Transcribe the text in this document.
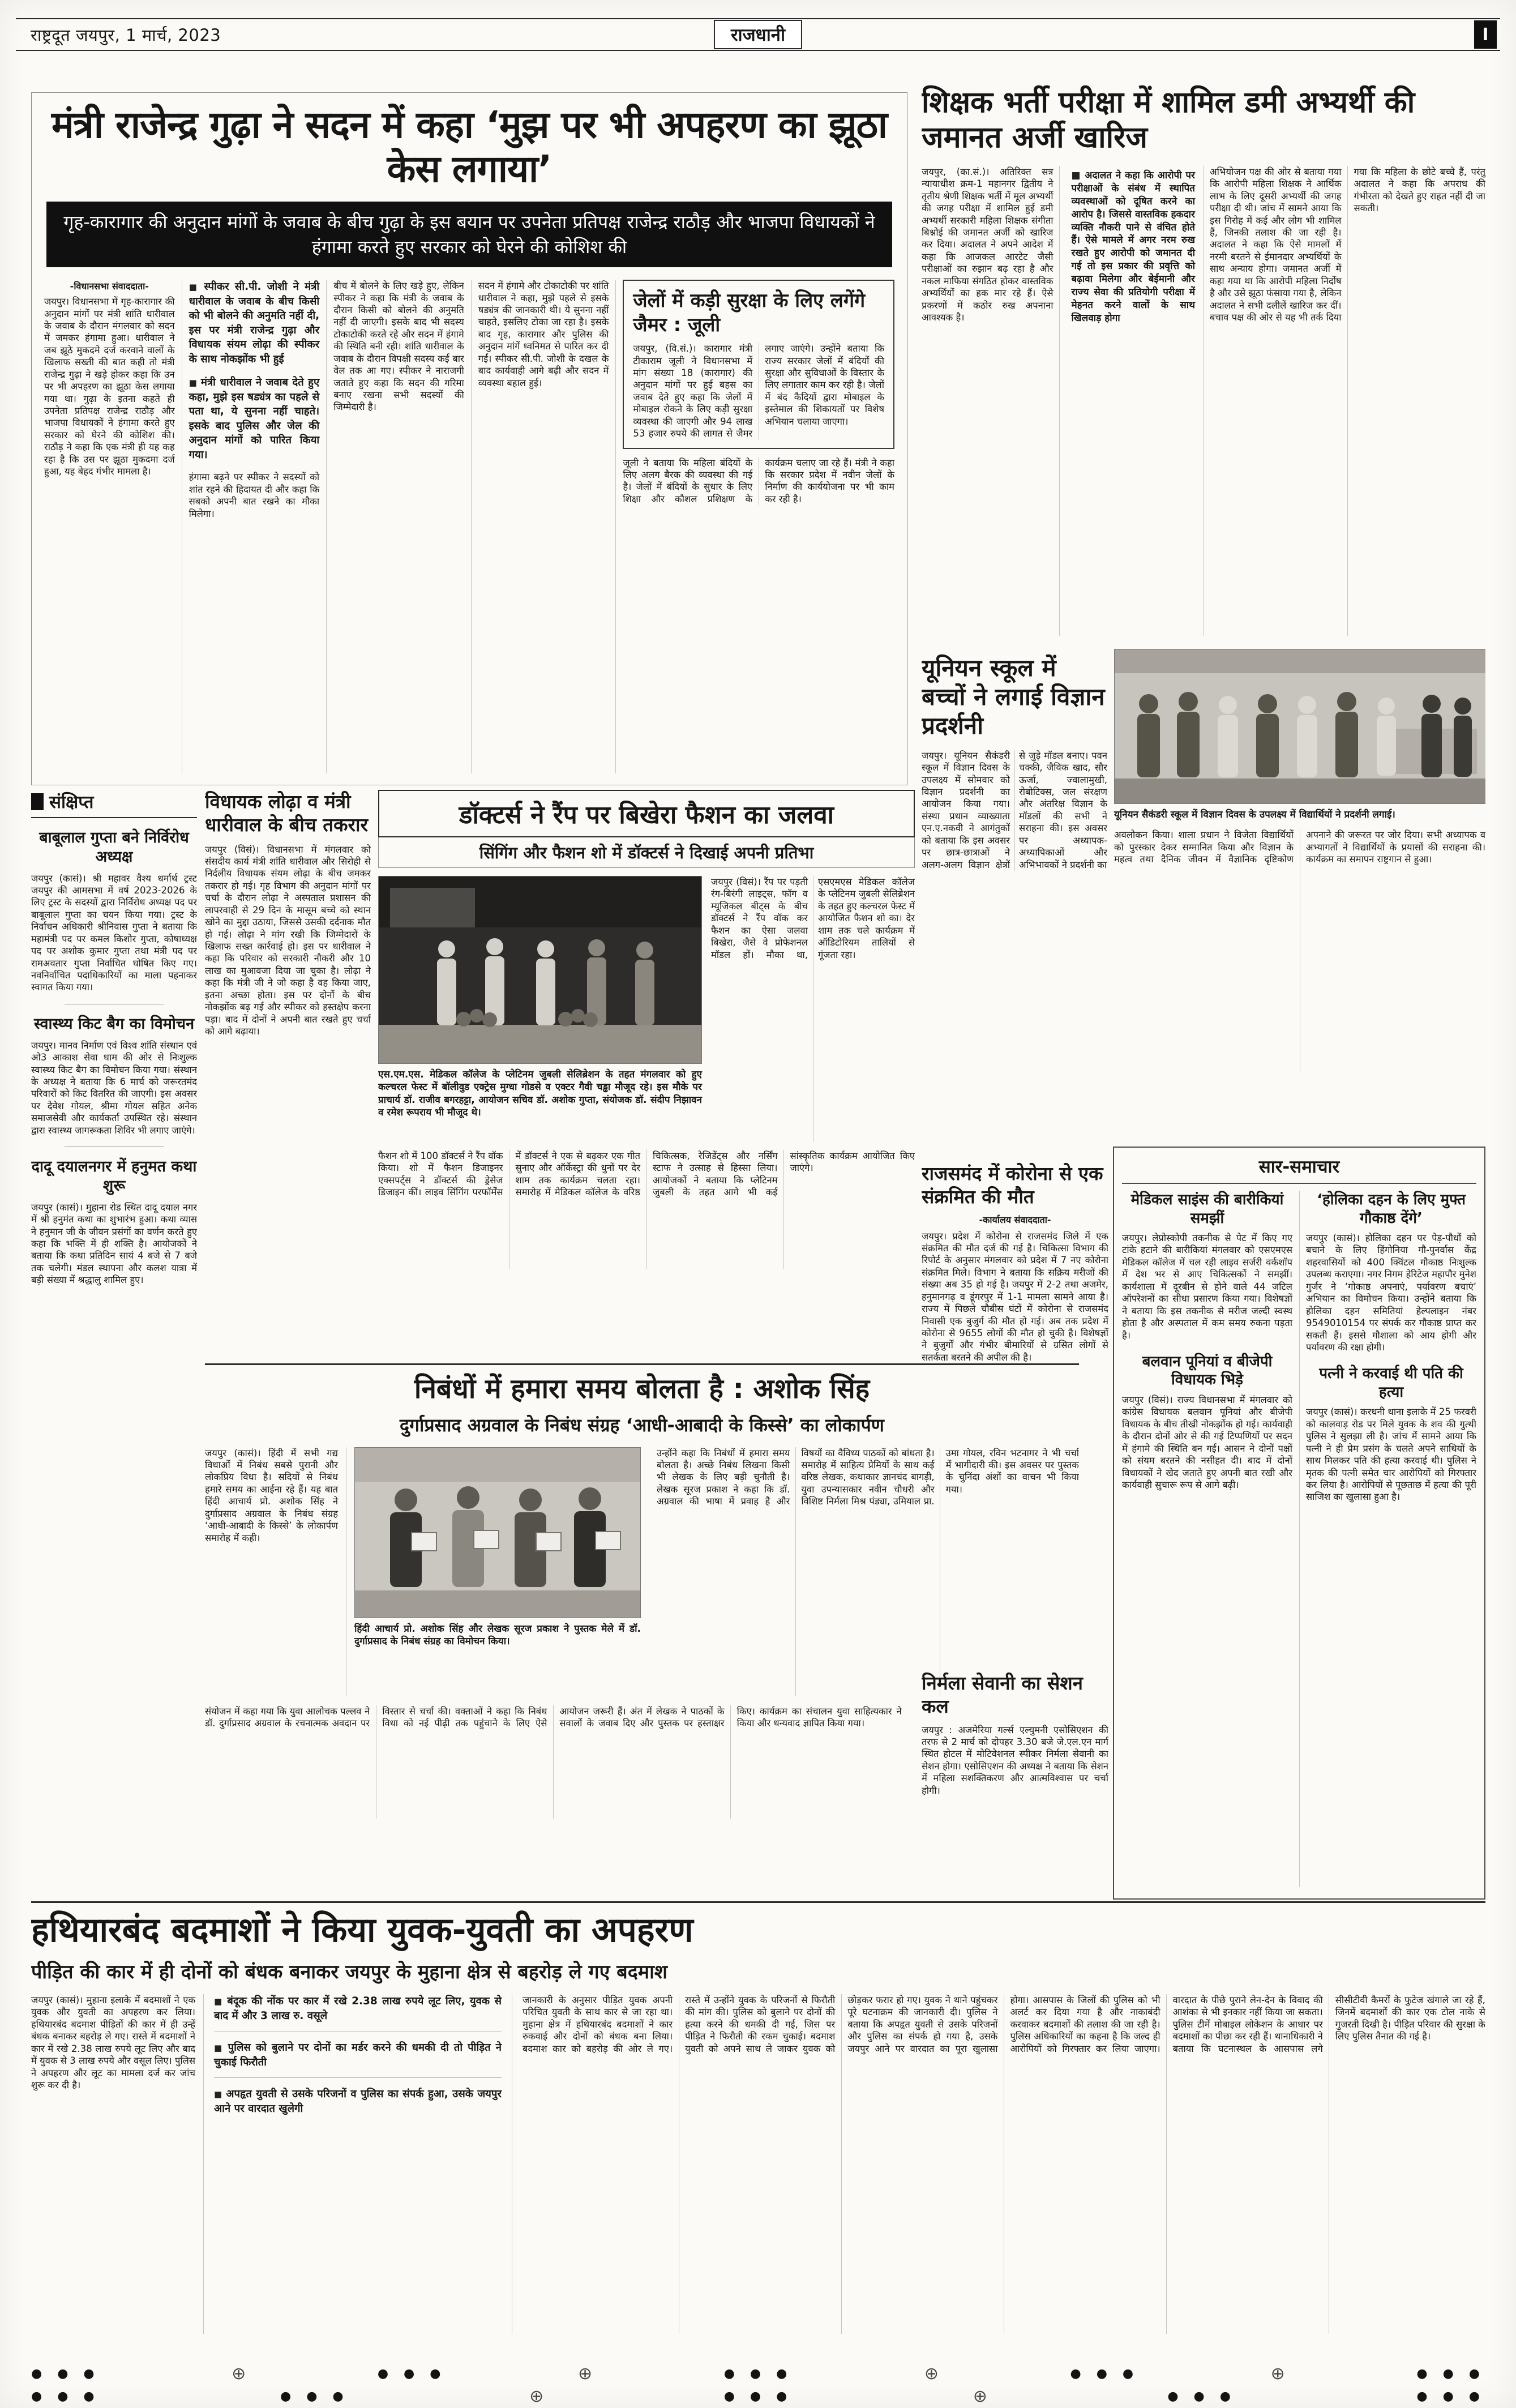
राष्ट्रदूत जयपुर, 1 मार्च, 2023	राजधानी	I
मंत्री राजेन्द्र गुढ़ा ने सदन में कहा ‘मुझ पर भी अपहरण का झूठा केस लगाया’
गृह-कारागार की अनुदान मांगों के जवाब के बीच गुढ़ा के इस बयान पर उपनेता प्रतिपक्ष राजेन्द्र राठौड़ और भाजपा विधायकों ने हंगामा करते हुए सरकार को घेरने की कोशिश की
-विधानसभा संवाददाता-
जयपुर। विधानसभा में गृह-कारागार की अनुदान मांगों पर मंत्री शांति धारीवाल के जवाब के दौरान मंगलवार को सदन में जमकर हंगामा हुआ। धारीवाल ने जब झूठे मुकदमे दर्ज करवाने वालों के खिलाफ सख्ती की बात कही तो मंत्री राजेन्द्र गुढ़ा ने खड़े होकर कहा कि उन पर भी अपहरण का झूठा केस लगाया गया था। गुढ़ा के इतना कहते ही उपनेता प्रतिपक्ष राजेन्द्र राठौड़ और भाजपा विधायकों ने हंगामा करते हुए सरकार को घेरने की कोशिश की। राठौड़ ने कहा कि एक मंत्री ही यह कह रहा है कि उस पर झूठा मुकदमा दर्ज हुआ, यह बेहद गंभीर मामला है।
■ स्पीकर सी.पी. जोशी ने मंत्री धारीवाल के जवाब के बीच किसी को भी बोलने की अनुमति नहीं दी, इस पर मंत्री राजेन्द्र गुढ़ा और विधायक संयम लोढ़ा की स्पीकर के साथ नोकझोंक भी हुई
■ मंत्री धारीवाल ने जवाब देते हुए कहा, मुझे इस षड्यंत्र का पहले से पता था, ये सुनना नहीं चाहते। इसके बाद पुलिस और जेल की अनुदान मांगों को पारित किया गया।
हंगामा बढ़ने पर स्पीकर ने सदस्यों को शांत रहने की हिदायत दी और कहा कि सबको अपनी बात रखने का मौका मिलेगा।
बीच में बोलने के लिए खड़े हुए, लेकिन स्पीकर ने कहा कि मंत्री के जवाब के दौरान किसी को बोलने की अनुमति नहीं दी जाएगी। इसके बाद भी सदस्य टोकाटोकी करते रहे और सदन में हंगामे की स्थिति बनी रही। शांति धारीवाल के जवाब के दौरान विपक्षी सदस्य कई बार वेल तक आ गए। स्पीकर ने नाराजगी जताते हुए कहा कि सदन की गरिमा बनाए रखना सभी सदस्यों की जिम्मेदारी है।
सदन में हंगामे और टोकाटोकी पर शांति धारीवाल ने कहा, मुझे पहले से इसके षड्यंत्र की जानकारी थी। ये सुनना नहीं चाहते, इसलिए टोका जा रहा है। इसके बाद गृह, कारागार और पुलिस की अनुदान मांगें ध्वनिमत से पारित कर दी गईं। स्पीकर सी.पी. जोशी के दखल के बाद कार्यवाही आगे बढ़ी और सदन में व्यवस्था बहाल हुई।
जेलों में कड़ी सुरक्षा के लिए लगेंगे जैमर : जूली
जयपुर, (वि.सं.)। कारागार मंत्री टीकाराम जूली ने विधानसभा में मांग संख्या 18 (कारागार) की अनुदान मांगों पर हुई बहस का जवाब देते हुए कहा कि जेलों में मोबाइल रोकने के लिए कड़ी सुरक्षा व्यवस्था की जाएगी और 94 लाख 53 हजार रुपये की लागत से जैमर लगाए जाएंगे। उन्होंने बताया कि राज्य सरकार जेलों में बंदियों की सुरक्षा और सुविधाओं के विस्तार के लिए लगातार काम कर रही है। जेलों में बंद कैदियों द्वारा मोबाइल के इस्तेमाल की शिकायतों पर विशेष अभियान चलाया जाएगा।
जूली ने बताया कि महिला बंदियों के लिए अलग बैरक की व्यवस्था की गई है। जेलों में बंदियों के सुधार के लिए शिक्षा और कौशल प्रशिक्षण के कार्यक्रम चलाए जा रहे हैं। मंत्री ने कहा कि सरकार प्रदेश में नवीन जेलों के निर्माण की कार्ययोजना पर भी काम कर रही है।
शिक्षक भर्ती परीक्षा में शामिल डमी अभ्यर्थी की जमानत अर्जी खारिज
जयपुर, (का.सं.)। अतिरिक्त सत्र न्यायाधीश क्रम-1 महानगर द्वितीय ने तृतीय श्रेणी शिक्षक भर्ती में मूल अभ्यर्थी की जगह परीक्षा में शामिल हुई डमी अभ्यर्थी सरकारी महिला शिक्षक संगीता बिश्नोई की जमानत अर्जी को खारिज कर दिया। अदालत ने अपने आदेश में कहा कि आजकल आरटेट जैसी परीक्षाओं का रुझान बढ़ रहा है और नकल माफिया संगठित होकर वास्तविक अभ्यर्थियों का हक मार रहे हैं। ऐसे प्रकरणों में कठोर रुख अपनाना आवश्यक है।
■ अदालत ने कहा कि आरोपी पर परीक्षाओं के संबंध में स्थापित व्यवस्थाओं को दूषित करने का आरोप है। जिससे वास्तविक हकदार व्यक्ति नौकरी पाने से वंचित होते हैं। ऐसे मामले में अगर नरम रुख रखते हुए आरोपी को जमानत दी गई तो इस प्रकार की प्रवृत्ति को बढ़ावा मिलेगा और बेईमानी और राज्य सेवा की प्रतियोगी परीक्षा में मेहनत करने वालों के साथ खिलवाड़ होगा
अभियोजन पक्ष की ओर से बताया गया कि आरोपी महिला शिक्षक ने आर्थिक लाभ के लिए दूसरी अभ्यर्थी की जगह परीक्षा दी थी। जांच में सामने आया कि इस गिरोह में कई और लोग भी शामिल हैं, जिनकी तलाश की जा रही है। अदालत ने कहा कि ऐसे मामलों में नरमी बरतने से ईमानदार अभ्यर्थियों के साथ अन्याय होगा। जमानत अर्जी में कहा गया था कि आरोपी महिला निर्दोष है और उसे झूठा फंसाया गया है, लेकिन अदालत ने सभी दलीलें खारिज कर दीं। बचाव पक्ष की ओर से यह भी तर्क दिया गया कि महिला के छोटे बच्चे हैं, परंतु अदालत ने कहा कि अपराध की गंभीरता को देखते हुए राहत नहीं दी जा सकती।
यूनियन स्कूल में बच्चों ने लगाई विज्ञान प्रदर्शनी
जयपुर। यूनियन सैकंडरी स्कूल में विज्ञान दिवस के उपलक्ष्य में सोमवार को विज्ञान प्रदर्शनी का आयोजन किया गया। संस्था प्रधान व्याख्याता एन.ए.नकवी ने आगंतुकों को बताया कि इस अवसर पर छात्र-छात्राओं ने अलग-अलग विज्ञान क्षेत्रों से जुड़े मॉडल बनाए। पवन चक्की, जैविक खाद, सौर ऊर्जा, ज्वालामुखी, रोबोटिक्स, जल संरक्षण और अंतरिक्ष विज्ञान के मॉडलों की सभी ने सराहना की। इस अवसर पर अध्यापक-अध्यापिकाओं और अभिभावकों ने प्रदर्शनी का
यूनियन सैकंडरी स्कूल में विज्ञान दिवस के उपलक्ष्य में विद्यार्थियों ने प्रदर्शनी लगाई।
अवलोकन किया। शाला प्रधान ने विजेता विद्यार्थियों को पुरस्कार देकर सम्मानित किया और विज्ञान के महत्व तथा दैनिक जीवन में वैज्ञानिक दृष्टिकोण अपनाने की जरूरत पर जोर दिया। सभी अध्यापक व अभ्यागतों ने विद्यार्थियों के प्रयासों की सराहना की। कार्यक्रम का समापन राष्ट्रगान से हुआ।
संक्षिप्त
बाबूलाल गुप्ता बने निर्विरोध अध्यक्ष
जयपुर (कासं)। श्री महावर वैश्य धर्मार्थ ट्रस्ट जयपुर की आमसभा में वर्ष 2023-2026 के लिए ट्रस्ट के सदस्यों द्वारा निर्विरोध अध्यक्ष पद पर बाबूलाल गुप्ता का चयन किया गया। ट्रस्ट के निर्वाचन अधिकारी श्रीनिवास गुप्ता ने बताया कि महामंत्री पद पर कमल किशोर गुप्ता, कोषाध्यक्ष पद पर अशोक कुमार गुप्ता तथा मंत्री पद पर रामअवतार गुप्ता निर्वाचित घोषित किए गए। नवनिर्वाचित पदाधिकारियों का माला पहनाकर स्वागत किया गया।
स्वास्थ्य किट बैग का विमोचन
जयपुर। मानव निर्माण एवं विश्व शांति संस्थान एवं ओ3 आकाश सेवा धाम की ओर से निःशुल्क स्वास्थ्य किट बैग का विमोचन किया गया। संस्थान के अध्यक्ष ने बताया कि 6 मार्च को जरूरतमंद परिवारों को किट वितरित की जाएगी। इस अवसर पर देवेश गोयल, श्रीमा गोयल सहित अनेक समाजसेवी और कार्यकर्ता उपस्थित रहे। संस्थान द्वारा स्वास्थ्य जागरूकता शिविर भी लगाए जाएंगे।
दादू दयालनगर में हनुमत कथा शुरू
जयपुर (कासं)। मुहाना रोड स्थित दादू दयाल नगर में श्री हनुमंत कथा का शुभारंभ हुआ। कथा व्यास ने हनुमान जी के जीवन प्रसंगों का वर्णन करते हुए कहा कि भक्ति में ही शक्ति है। आयोजकों ने बताया कि कथा प्रतिदिन सायं 4 बजे से 7 बजे तक चलेगी। मंडल स्थापना और कलश यात्रा में बड़ी संख्या में श्रद्धालु शामिल हुए।
विधायक लोढ़ा व मंत्री धारीवाल के बीच तकरार
जयपुर (विसं)। विधानसभा में मंगलवार को संसदीय कार्य मंत्री शांति धारीवाल और सिरोही से निर्दलीय विधायक संयम लोढ़ा के बीच जमकर तकरार हो गई। गृह विभाग की अनुदान मांगों पर चर्चा के दौरान लोढ़ा ने अस्पताल प्रशासन की लापरवाही से 29 दिन के मासूम बच्चे को स्थान खोने का मुद्दा उठाया, जिससे उसकी दर्दनाक मौत हो गई। लोढ़ा ने मांग रखी कि जिम्मेदारों के खिलाफ सख्त कार्रवाई हो। इस पर धारीवाल ने कहा कि परिवार को सरकारी नौकरी और 10 लाख का मुआवजा दिया जा चुका है। लोढ़ा ने कहा कि मंत्री जी ने जो कहा है वह किया जाए, इतना अच्छा होता। इस पर दोनों के बीच नोकझोंक बढ़ गई और स्पीकर को हस्तक्षेप करना पड़ा। बाद में दोनों ने अपनी बात रखते हुए चर्चा को आगे बढ़ाया।
डॉक्टर्स ने रैंप पर बिखेरा फैशन का जलवा
सिंगिंग और फैशन शो में डॉक्टर्स ने दिखाई अपनी प्रतिभा
एस.एम.एस. मेडिकल कॉलेज के प्लेटिनम जुबली सेलिब्रेशन के तहत मंगलवार को हुए कल्चरल फेस्ट में बॉलीवुड एक्ट्रेस मुग्धा गोडसे व एक्टर गैवी चड्ढा मौजूद रहे। इस मौके पर प्राचार्य डॉ. राजीव बगरहट्टा, आयोजन सचिव डॉ. अशोक गुप्ता, संयोजक डॉ. संदीप निझावन व रमेश रूपराय भी मौजूद थे।
जयपुर (विसं)। रैंप पर पड़ती रंग-बिरंगी लाइट्स, फॉग व म्यूजिकल बीट्स के बीच डॉक्टर्स ने रैंप वॉक कर फैशन का ऐसा जलवा बिखेरा, जैसे वे प्रोफेशनल मॉडल हों। मौका था, एसएमएस मेडिकल कॉलेज के प्लेटिनम जुबली सेलिब्रेशन के तहत हुए कल्चरल फेस्ट में आयोजित फैशन शो का। देर शाम तक चले कार्यक्रम में ऑडिटोरियम तालियों से गूंजता रहा।
फैशन शो में 100 डॉक्टर्स ने रैंप वॉक किया। शो में फैशन डिजाइनर एक्सपर्ट्स ने डॉक्टर्स की ड्रेसेज डिजाइन कीं। लाइव सिंगिंग परफॉर्मेंस में डॉक्टर्स ने एक से बढ़कर एक गीत सुनाए और ऑर्केस्ट्रा की धुनों पर देर शाम तक कार्यक्रम चलता रहा। समारोह में मेडिकल कॉलेज के वरिष्ठ चिकित्सक, रेजिडेंट्स और नर्सिंग स्टाफ ने उत्साह से हिस्सा लिया। आयोजकों ने बताया कि प्लेटिनम जुबली के तहत आगे भी कई सांस्कृतिक कार्यक्रम आयोजित किए जाएंगे।
निबंधों में हमारा समय बोलता है : अशोक सिंह
दुर्गाप्रसाद अग्रवाल के निबंध संग्रह ‘आधी-आबादी के किस्से’ का लोकार्पण
जयपुर (कासं)। हिंदी में सभी गद्य विधाओं में निबंध सबसे पुरानी और लोकप्रिय विधा है। सदियों से निबंध हमारे समय का आईना रहे हैं। यह बात हिंदी आचार्य प्रो. अशोक सिंह ने दुर्गाप्रसाद अग्रवाल के निबंध संग्रह ‘आधी-आबादी के किस्से’ के लोकार्पण समारोह में कही।
हिंदी आचार्य प्रो. अशोक सिंह और लेखक सूरज प्रकाश ने पुस्तक मेले में डॉ. दुर्गाप्रसाद के निबंध संग्रह का विमोचन किया।
उन्होंने कहा कि निबंधों में हमारा समय बोलता है। अच्छे निबंध लिखना किसी भी लेखक के लिए बड़ी चुनौती है। लेखक सूरज प्रकाश ने कहा कि डॉ. अग्रवाल की भाषा में प्रवाह है और विषयों का वैविध्य पाठकों को बांधता है। समारोह में साहित्य प्रेमियों के साथ कई वरिष्ठ लेखक, कथाकार ज्ञानचंद बागड़ी, युवा उपन्यासकार नवीन चौधरी और विशिष्ट निर्मला मिश्र पंड्या, उमियाल प्रा. उमा गोयल, रविन भटनागर ने भी चर्चा में भागीदारी की। इस अवसर पर पुस्तक के चुनिंदा अंशों का वाचन भी किया गया।
संयोजन में कहा गया कि युवा आलोचक पल्लव ने डॉ. दुर्गाप्रसाद अग्रवाल के रचनात्मक अवदान पर विस्तार से चर्चा की। वक्ताओं ने कहा कि निबंध विधा को नई पीढ़ी तक पहुंचाने के लिए ऐसे आयोजन जरूरी हैं। अंत में लेखक ने पाठकों के सवालों के जवाब दिए और पुस्तक पर हस्ताक्षर किए। कार्यक्रम का संचालन युवा साहित्यकार ने किया और धन्यवाद ज्ञापित किया गया।
राजसमंद में कोरोना से एक संक्रमित की मौत
-कार्यालय संवाददाता-
जयपुर। प्रदेश में कोरोना से राजसमंद जिले में एक संक्रमित की मौत दर्ज की गई है। चिकित्सा विभाग की रिपोर्ट के अनुसार मंगलवार को प्रदेश में 7 नए कोरोना संक्रमित मिले। विभाग ने बताया कि सक्रिय मरीजों की संख्या अब 35 हो गई है। जयपुर में 2-2 तथा अजमेर, हनुमानगढ़ व डूंगरपुर में 1-1 मामला सामने आया है। राज्य में पिछले चौबीस घंटों में कोरोना से राजसमंद निवासी एक बुजुर्ग की मौत हो गई। अब तक प्रदेश में कोरोना से 9655 लोगों की मौत हो चुकी है। विशेषज्ञों ने बुजुर्गों और गंभीर बीमारियों से ग्रसित लोगों से सतर्कता बरतने की अपील की है।
निर्मला सेवानी का सेशन कल
जयपुर : अजमेरिया गर्ल्स एल्युमनी एसोसिएशन की तरफ से 2 मार्च को दोपहर 3.30 बजे जे.एल.एन मार्ग स्थित होटल में मोटिवेशनल स्पीकर निर्मला सेवानी का सेशन होगा। एसोसिएशन की अध्यक्ष ने बताया कि सेशन में महिला सशक्तिकरण और आत्मविश्वास पर चर्चा होगी।
सार-समाचार
मेडिकल साइंस की बारीकियां समझीं
जयपुर। लेप्रोस्कोपी तकनीक से पेट में किए गए टांके हटाने की बारीकियां मंगलवार को एसएमएस मेडिकल कॉलेज में चल रही लाइव सर्जरी वर्कशॉप में देश भर से आए चिकित्सकों ने समझीं। कार्यशाला में दूरबीन से होने वाले 44 जटिल ऑपरेशनों का सीधा प्रसारण किया गया। विशेषज्ञों ने बताया कि इस तकनीक से मरीज जल्दी स्वस्थ होता है और अस्पताल में कम समय रुकना पड़ता है।
बलवान पूनियां व बीजेपी विधायक भिड़े
जयपुर (विसं)। राज्य विधानसभा में मंगलवार को कांग्रेस विधायक बलवान पूनियां और बीजेपी विधायक के बीच तीखी नोकझोंक हो गई। कार्यवाही के दौरान दोनों ओर से की गई टिप्पणियों पर सदन में हंगामे की स्थिति बन गई। आसन ने दोनों पक्षों को संयम बरतने की नसीहत दी। बाद में दोनों विधायकों ने खेद जताते हुए अपनी बात रखी और कार्यवाही सुचारू रूप से आगे बढ़ी।
‘होलिका दहन के लिए मुफ्त गौकाष्ठ देंगे’
जयपुर (कासं)। होलिका दहन पर पेड़-पौधों को बचाने के लिए हिंगोनिया गौ-पुनर्वास केंद्र शहरवासियों को 400 क्विंटल गौकाष्ठ निःशुल्क उपलब्ध कराएगा। नगर निगम हेरिटेज महापौर मुनेश गुर्जर ने ‘गोकाष्ठ अपनाएं, पर्यावरण बचाएं’ अभियान का विमोचन किया। उन्होंने बताया कि होलिका दहन समितियां हेल्पलाइन नंबर 9549010154 पर संपर्क कर गौकाष्ठ प्राप्त कर सकती हैं। इससे गौशाला को आय होगी और पर्यावरण की रक्षा होगी।
पत्नी ने करवाई थी पति की हत्या
जयपुर (कासं)। करधनी थाना इलाके में 25 फरवरी को कालवाड़ रोड पर मिले युवक के शव की गुत्थी पुलिस ने सुलझा ली है। जांच में सामने आया कि पत्नी ने ही प्रेम प्रसंग के चलते अपने साथियों के साथ मिलकर पति की हत्या करवाई थी। पुलिस ने मृतक की पत्नी समेत चार आरोपियों को गिरफ्तार कर लिया है। आरोपियों से पूछताछ में हत्या की पूरी साजिश का खुलासा हुआ है।
हथियारबंद बदमाशों ने किया युवक-युवती का अपहरण
पीड़ित की कार में ही दोनों को बंधक बनाकर जयपुर के मुहाना क्षेत्र से बहरोड़ ले गए बदमाश
जयपुर (कासं)। मुहाना इलाके में बदमाशों ने एक युवक और युवती का अपहरण कर लिया। हथियारबंद बदमाश पीड़ितों की कार में ही उन्हें बंधक बनाकर बहरोड़ ले गए। रास्ते में बदमाशों ने कार में रखे 2.38 लाख रुपये लूट लिए और बाद में युवक से 3 लाख रुपये और वसूल लिए। पुलिस ने अपहरण और लूट का मामला दर्ज कर जांच शुरू कर दी है।
■ बंदूक की नोंक पर कार में रखे 2.38 लाख रुपये लूट लिए, युवक से बाद में और 3 लाख रु. वसूले
■ पुलिस को बुलाने पर दोनों का मर्डर करने की धमकी दी तो पीड़ित ने चुकाई फिरौती
■ अपहृत युवती से उसके परिजनों व पुलिस का संपर्क हुआ, उसके जयपुर आने पर वारदात खुलेगी
जानकारी के अनुसार पीड़ित युवक अपनी परिचित युवती के साथ कार से जा रहा था। मुहाना क्षेत्र में हथियारबंद बदमाशों ने कार रुकवाई और दोनों को बंधक बना लिया। बदमाश कार को बहरोड़ की ओर ले गए। रास्ते में उन्होंने युवक के परिजनों से फिरौती की मांग की। पुलिस को बुलाने पर दोनों की हत्या करने की धमकी दी गई, जिस पर पीड़ित ने फिरौती की रकम चुकाई। बदमाश युवती को अपने साथ ले जाकर युवक को छोड़कर फरार हो गए। युवक ने थाने पहुंचकर पूरे घटनाक्रम की जानकारी दी। पुलिस ने बताया कि अपहृत युवती से उसके परिजनों और पुलिस का संपर्क हो गया है, उसके जयपुर आने पर वारदात का पूरा खुलासा होगा। आसपास के जिलों की पुलिस को भी अलर्ट कर दिया गया है और नाकाबंदी करवाकर बदमाशों की तलाश की जा रही है। पुलिस अधिकारियों का कहना है कि जल्द ही आरोपियों को गिरफ्तार कर लिया जाएगा। वारदात के पीछे पुराने लेन-देन के विवाद की आशंका से भी इनकार नहीं किया जा सकता। पुलिस टीमें मोबाइल लोकेशन के आधार पर बदमाशों का पीछा कर रही हैं। थानाधिकारी ने बताया कि घटनास्थल के आसपास लगे सीसीटीवी कैमरों के फुटेज खंगाले जा रहे हैं, जिनमें बदमाशों की कार एक टोल नाके से गुजरती दिखी है। पीड़ित परिवार की सुरक्षा के लिए पुलिस तैनात की गई है।
● ● ●	⊕	● ● ●	⊕	● ● ●	⊕	● ● ●	⊕	● ● ●
● ● ●	● ● ●	⊕	● ● ●	⊕	● ● ●	● ● ●
